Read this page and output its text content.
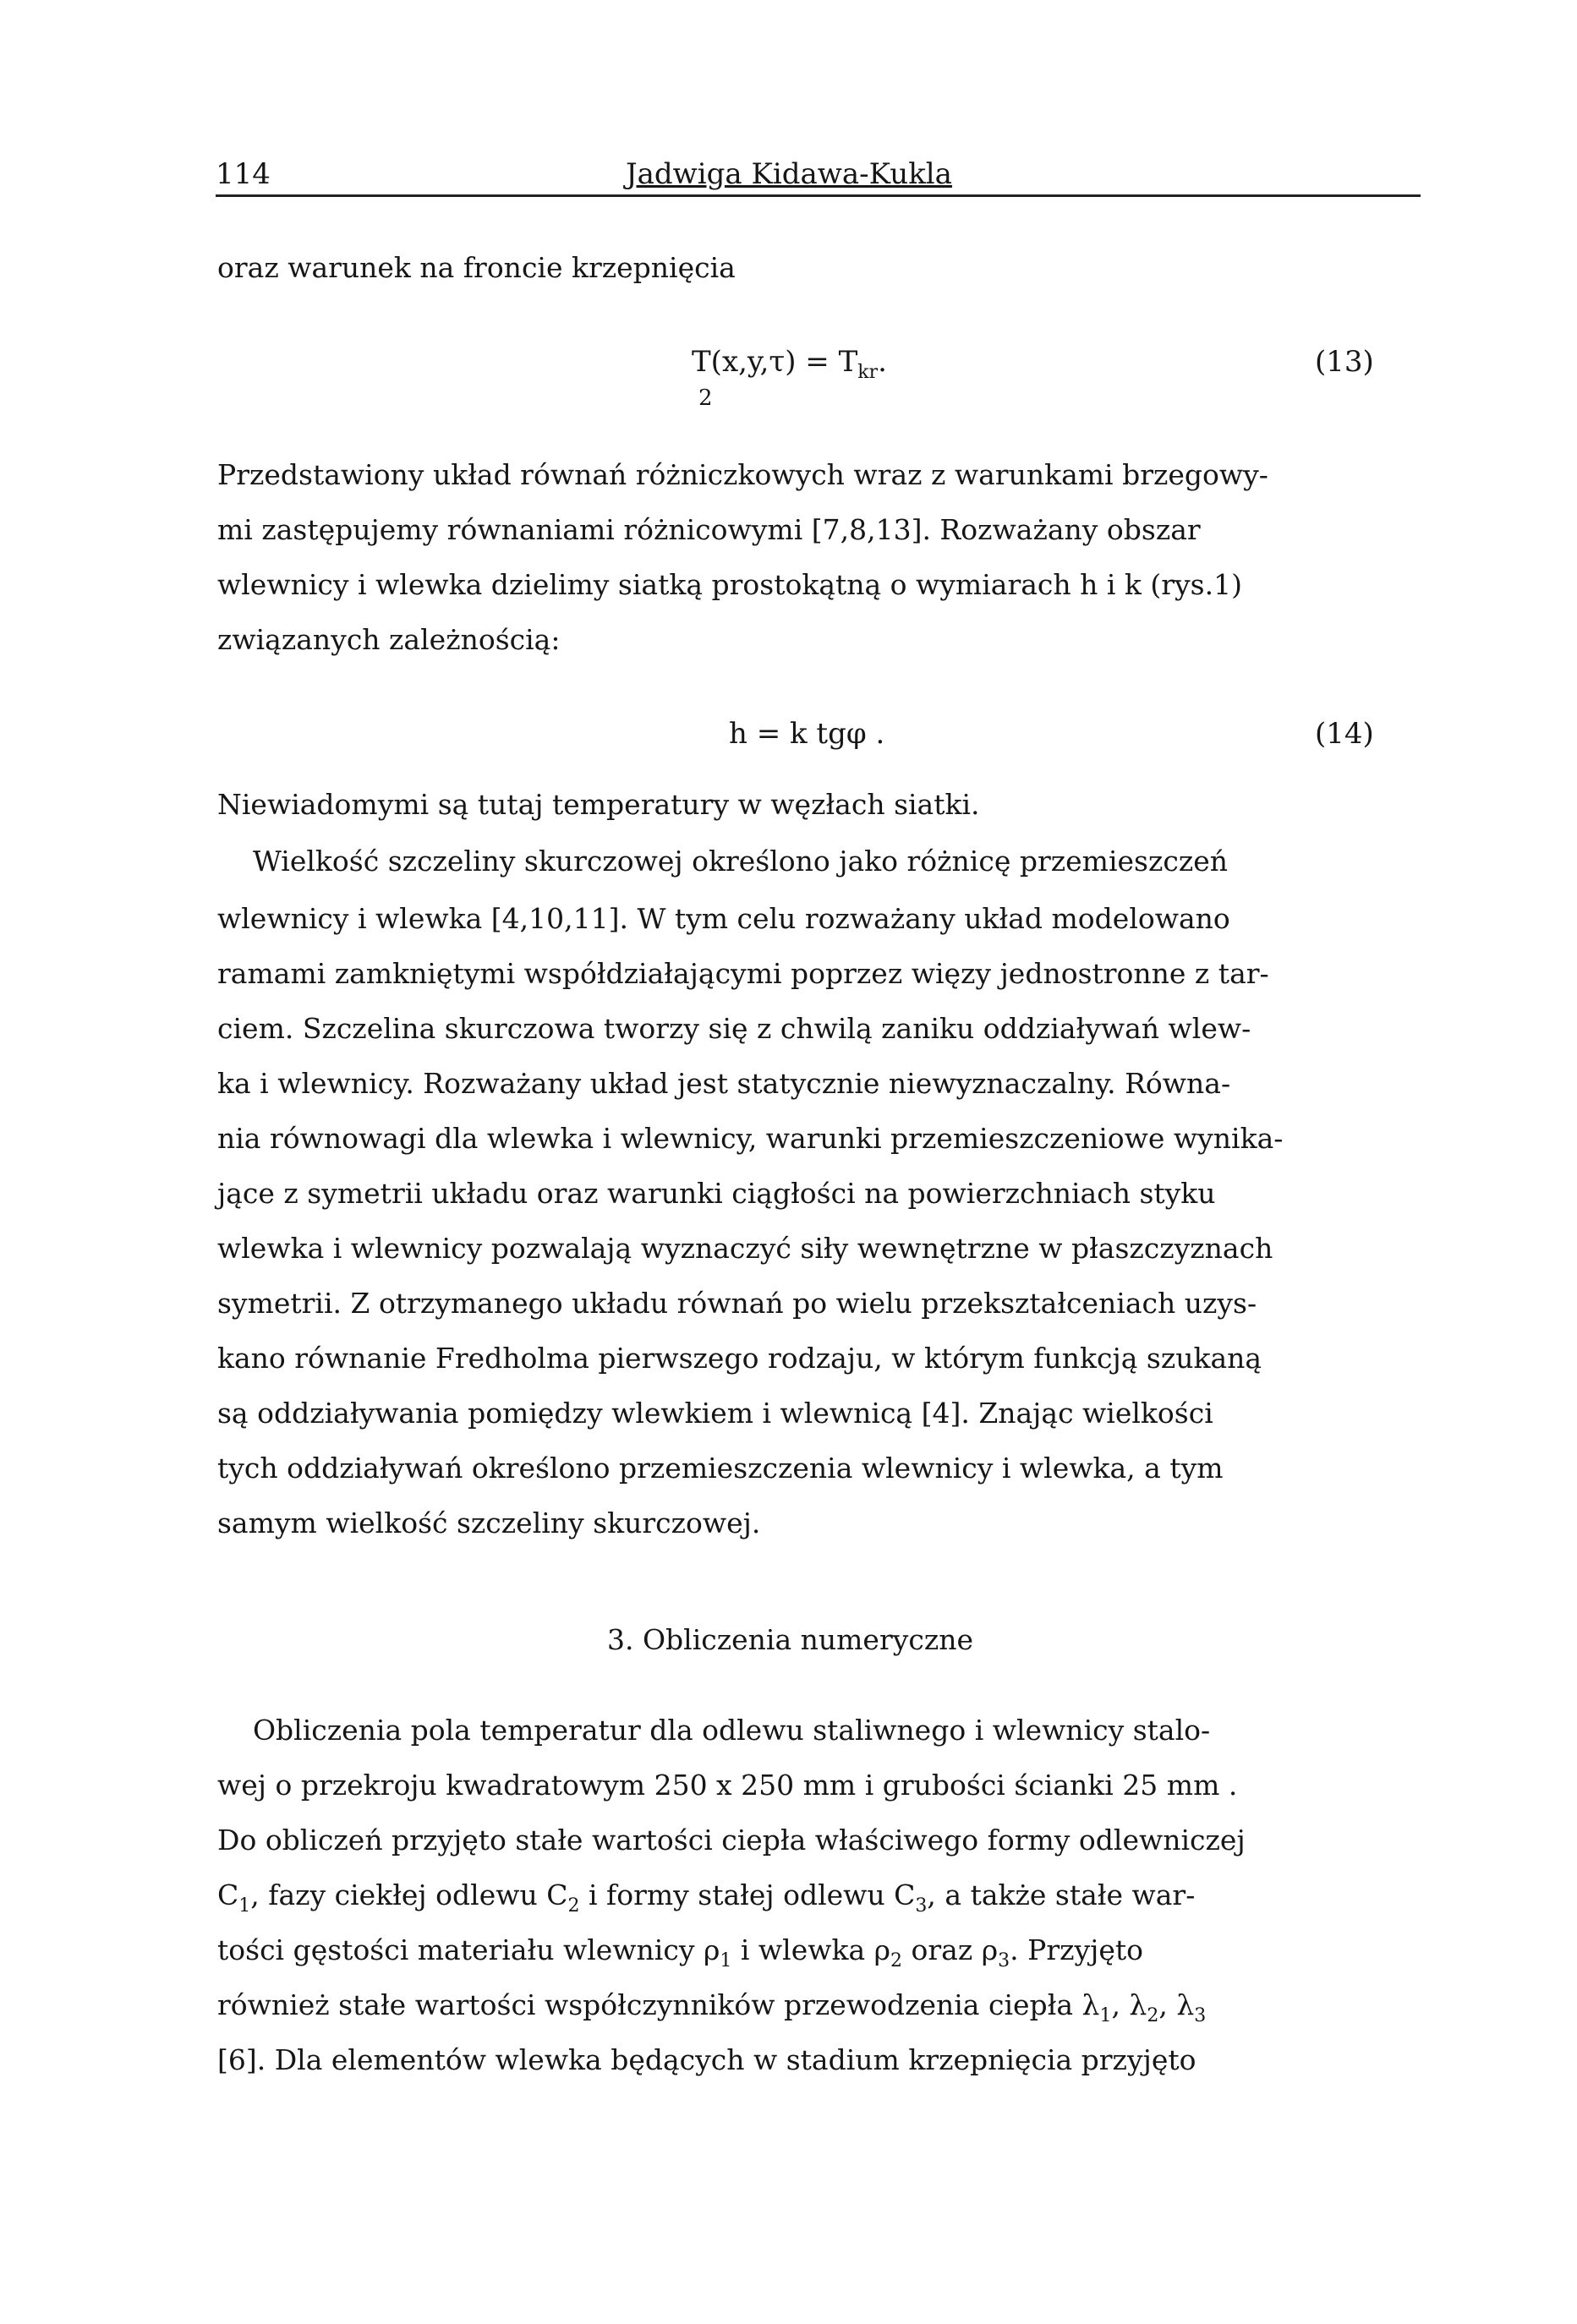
114	Jadwiga Kidawa-Kukla
oraz warunek na froncie krzepnięcia
$T(x,y,\tau) = T_{kr}$.
2
(13)
Przedstawiony układ równań różniczkowych wraz z warunkami brzegowy-
mi zastępujemy równaniami różnicowymi [7,8,13]. Rozważany obszar
wlewnicy i wlewka dzielimy siatką prostokątną o wymiarach h i k (rys.1)
związanych zależnością:
h = k tgφ .	(14)
Niewiadomymi są tutaj temperatury w węzłach siatki.
Wielkość szczeliny skurczowej określono jako różnicę przemieszczeń
wlewnicy i wlewka [4,10,11]. W tym celu rozważany układ modelowano
ramami zamkniętymi współdziałającymi poprzez więzy jednostronne z tar-
ciem. Szczelina skurczowa tworzy się z chwilą zaniku oddziaływań wlew-
ka i wlewnicy. Rozważany układ jest statycznie niewyznaczalny. Równa-
nia równowagi dla wlewka i wlewnicy, warunki przemieszczeniowe wynika-
jące z symetrii układu oraz warunki ciągłości na powierzchniach styku
wlewka i wlewnicy pozwalają wyznaczyć siły wewnętrzne w płaszczyznach
symetrii. Z otrzymanego układu równań po wielu przekształceniach uzys-
kano równanie Fredholma pierwszego rodzaju, w którym funkcją szukaną
są oddziaływania pomiędzy wlewkiem i wlewnicą [4]. Znając wielkości
tych oddziaływań określono przemieszczenia wlewnicy i wlewka, a tym
samym wielkość szczeliny skurczowej.
3. Obliczenia numeryczne
Obliczenia pola temperatur dla odlewu staliwnego i wlewnicy stalo-
wej o przekroju kwadratowym 250 x 250 mm i grubości ścianki 25 mm .
Do obliczeń przyjęto stałe wartości ciepła właściwego formy odlewniczej
$C_1$, fazy ciekłej odlewu $C_2$ i formy stałej odlewu $C_3$, a także stałe war-
tości gęstości materiału wlewnicy $\rho_1$ i wlewka $\rho_2$ oraz $\rho_3$. Przyjęto
również stałe wartości współczynników przewodzenia ciepła $\lambda_1$, $\lambda_2$, $\lambda_3$
[6]. Dla elementów wlewka będących w stadium krzepnięcia przyjęto
